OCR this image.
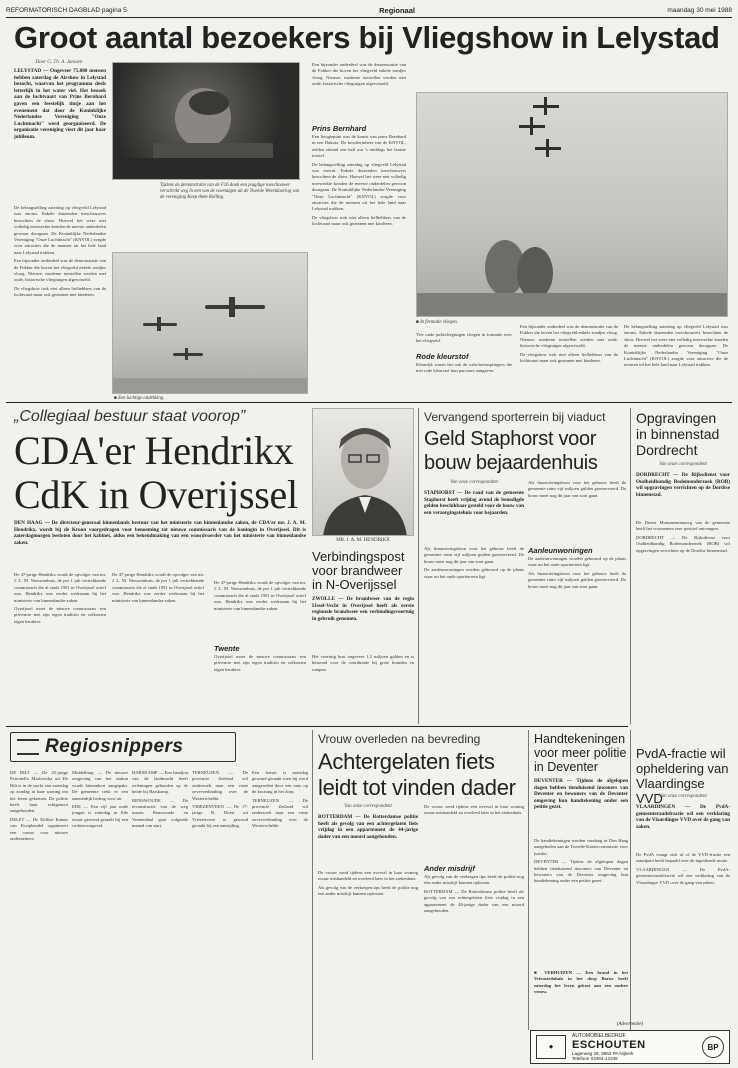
REFORMATORISCH DAGBLAD pagina 5	Regionaal	maandag 30 mei 1988
Groot aantal bezoekers bij Vliegshow in Lelystad
Door G. Th. A. Janssen
LELYSTAD — Ongeveer 75.000 mensen hebben zaterdag de Airshow in Lelystad bezocht, waarvan het programma deels letterlijk in het water viel. Het bezoek aan de luchtvaart van Prins Bernhard gaven een feestelijk tintje aan het evenement dat door de Koninklijke Nederlandse Vereniging "Onze Luchtmacht" werd georganiseerd. De organisatie vereniging viert dit jaar haar jubileum.

De belangstelling zaterdag op vliegveld Lelystad was enorm. Enkele duizenden toeschouwers bezochten de show. Hoewel het weer niet volledig meewerkte konden de meeste onderdelen gewoon doorgaan. De Koninklijke Nederlandse Vereniging "Onze Luchtmacht" (KNVOL) zorgde voor attracties die de mensen uit het hele land naar Lelystad trokken.

Een bijzonder onderdeel was de demonstratie van de Fokker die boven het vliegveld enkele rondjes vloog. Nieuwe, moderne toestellen werden met oude, historische vliegtuigen afgewisseld.

De vliegshow trok niet alleen liefhebbers van de luchtvaart maar ook gezinnen met kinderen.

Tijdens de demonstratie van de F16 dook een jeugdige toeschouwer verschrikt weg in een van de voertuigen uit de Tweede Wereldoorlog van de vereniging Keep them Rolling.
■ Een luchtige ondekking.

Een bijzonder onderdeel was de demonstratie van de Fokker die boven het vliegveld enkele rondjes vloog. Nieuwe, moderne toestellen werden met oude, historische vliegtuigen afgewisseld.

Prins Bernhard

Een hoogtepunt was de komst van prins Bernhard in een Dakota. De beschermheer van de KNVOL, zelden zittend een half uur 's middags het laatste toestel.

De belangstelling zaterdag op vliegveld Lelystad was enorm. Enkele duizenden toeschouwers bezochten de show. Hoewel het weer niet volledig meewerkte konden de meeste onderdelen gewoon doorgaan. De Koninklijke Nederlandse Vereniging "Onze Luchtmacht" (KNVOL) zorgde voor attracties die de mensen uit het hele land naar Lelystad trokken.

De vliegshow trok niet alleen liefhebbers van de luchtvaart maar ook gezinnen met kinderen.

■ In formatie vliegen.

Vier oude jachtvliegtuigen vliegen in formatie over het vliegveld.

Rode kleurstof

Kleurrijk waren het ook de valschermspringers die met rode kleurstof hun parcours aangaven.

Een bijzonder onderdeel was de demonstratie van de Fokker die boven het vliegveld enkele rondjes vloog. Nieuwe, moderne toestellen werden met oude, historische vliegtuigen afgewisseld.

De vliegshow trok niet alleen liefhebbers van de luchtvaart maar ook gezinnen met kinderen.

De belangstelling zaterdag op vliegveld Lelystad was enorm. Enkele duizenden toeschouwers bezochten de show. Hoewel het weer niet volledig meewerkte konden de meeste onderdelen gewoon doorgaan. De Koninklijke Nederlandse Vereniging "Onze Luchtmacht" (KNVOL) zorgde voor attracties die de mensen uit het hele land naar Lelystad trokken.

„Collegiaal bestuur staat voorop”
CDA'er Hendrikx
CdK in Overijssel
DEN HAAG — De directeur-generaal binnenlands bestuur van het ministerie van binnenlandse zaken, de CDA'er mr. J. A. M. Hendrikx, wordt bij de Kroon voorgedragen voor benoeming tot nieuwe commissaris van de koningin in Overijssel. Dit is zaterdagmorgen besloten door het kabinet, aldus een bekendmaking van een woordvoerder van het ministerie van binnenlandse zaken.

De 47-jarige Hendrikx wordt de opvolger van mr. J. L. M. Nieuwenhuis, de per 1 juli vertrekkende commissaris die al sinds 1981 in Overijssel actief was. Hendrikx was eerder werkzaam bij het ministerie van binnenlandse zaken.

Overijssel moet de nieuwe commissaris een provincie met zijn eigen tradities en volkomen eigen karakter.

De 47-jarige Hendrikx wordt de opvolger van mr. J. L. M. Nieuwenhuis, de per 1 juli vertrekkende commissaris die al sinds 1981 in Overijssel actief was. Hendrikx was eerder werkzaam bij het ministerie van binnenlandse zaken.

De 47-jarige Hendrikx wordt de opvolger van mr. J. L. M. Nieuwenhuis, de per 1 juli vertrekkende commissaris die al sinds 1981 in Overijssel actief was. Hendrikx was eerder werkzaam bij het ministerie van binnenlandse zaken.

Twente

Overijssel moet de nieuwe commissaris een provincie met zijn eigen tradities en volkomen eigen karakter.

MR. J. A. M. HENDRIKX
Verbindingspost
voor brandweer
in N-Overijssel
ZWOLLE — De brandweer van de regio IJssel-Vecht in Overijssel heeft als eerste regionale brandweer een verbindingsvoertuig in gebruik genomen.

Het voertuig kost ongeveer 1,2 miljoen gulden en is bestemd voor de coördinatie bij grote branden en rampen.

Vervangend sporterrein bij viaduct
Geld Staphorst voor
bouw bejaardenhuis
Van onze correspondent
STAPHORST — De raad van de gemeente Staphorst heeft vrijdag avond de benodigde gelden beschikbaar gesteld voor de bouw van een verzorgingstehuis voor bejaarden.

Als financieringsbron voor het gebouw heeft de gemeente ruim vijf miljoen gulden gereserveerd. De bouw moet nog dit jaar van start gaan.

De aanleunwoningen worden gebouwd op de plaats waar nu het oude sportterrein ligt.

Als financieringsbron voor het gebouw heeft de gemeente ruim vijf miljoen gulden gereserveerd. De bouw moet nog dit jaar van start gaan.

Aanleunwoningen

De aanleunwoningen worden gebouwd op de plaats waar nu het oude sportterrein ligt.

Als financieringsbron voor het gebouw heeft de gemeente ruim vijf miljoen gulden gereserveerd. De bouw moet nog dit jaar van start gaan.

Opgravingen
in binnenstad
Dordrecht
Van onze correspondent
DORDRECHT — De Rijksdienst voor Oudheidkundig Bodemonderzoek (ROB) wil opgravingen verrichten op de Dordtse binnenstad.

De Dienst Monumentenzorg van de gemeente heeft het voornemen zeer positief ontvangen.

DORDRECHT — De Rijksdienst voor Oudheidkundig Bodemonderzoek (ROB) wil opgravingen verrichten op de Dordtse binnenstad.

Regiosnippers

DE BILT — De 45-jarige Petronella Maslowska uit De Bilt is in de nacht van zaterdag op zondag in haar woning om het leven gekomen. De politie heeft haar echtgenoot aangehouden.

DELFT — De Delftse Kamer van Koophandel organiseert een cursus voor nieuwe ondernemers.

Middelburg — De nieuwe omgeving van het station wordt binnenkort aangepakt. De gemeente trekt er een aanzienlijk bedrag voor uit.

EDE — Een vijf jaar oude jongen is zaterdag in Ede zwaar gewond geraakt bij een verkeersongeval.

HARSKAMP — Een bataljon van de landmacht heeft oefeningen gehouden op de heide bij Harskamp.

RENSWOUDE — De reconstructie van de weg tussen Renswoude en Veenendaal gaat volgende maand van start.

TERNEUZEN — De provincie Zeeland wil onderzoek naar een vaste oeververbinding over de Westerschelde.

VRIEZENVEEN — De 17-jarige B. Doest uit Vriezenveen is gewond geraakt bij een aanrijding.

Een fietser is zaterdag gewond geraakt toen hij werd aangereden door een auto op de kruising in het dorp.

TERNEUZEN — De provincie Zeeland wil onderzoek naar een vaste oeververbinding over de Westerschelde.

Vrouw overleden na bevreding
Achtergelaten fiets
leidt tot vinden dader
Van onze correspondent
ROTTERDAM — De Rotterdamse politie heeft als gevolg van een achtergelaten fiets vrijdag in een appartement de 44-jarige dader van een moord aangehouden.

De vrouw werd tijdens een overval in haar woning zwaar mishandeld en overleed later in het ziekenhuis.

Als gevolg van de verkregen tips heeft de politie nog een ander misdrijf kunnen oplossen.

De vrouw werd tijdens een overval in haar woning zwaar mishandeld en overleed later in het ziekenhuis.

Ander misdrijf

Als gevolg van de verkregen tips heeft de politie nog een ander misdrijf kunnen oplossen.

ROTTERDAM — De Rotterdamse politie heeft als gevolg van een achtergelaten fiets vrijdag in een appartement de 44-jarige dader van een moord aangehouden.

Handtekeningen
voor meer politie
in Deventer
DEVENTER — Tijdens de afgelopen dagen hebben tienduizend inwoners van Deventer en bewoners van de Deventer omgeving hun handtekening onder een petitie gezet.

De handtekeningen werden vandaag in Den Haag aangeboden aan de Tweede-Kamercommissie voor justitie.

DEVENTER — Tijdens de afgelopen dagen hebben tienduizend inwoners van Deventer en bewoners van de Deventer omgeving hun handtekening onder een petitie gezet.

■ VERHUIZEN — Een brand in het Vrienstedahuis in het dorp Borne heeft zaterdag het leven gekost aan een oudere vrouw.
PvdA-fractie wil
opheldering van
Vlaardingse VVD
Van onze correspondent
VLAARDINGEN — De PvdA-gemeenteraadsfractie wil een verklaring van de Vlaardingse VVD over de gang van zaken.

De PvdA vraagt zich af of de VVD-fractie een standpunt heeft bepaald over de ingediende motie.

VLAARDINGEN — De PvdA-gemeenteraadsfractie wil een verklaring van de Vlaardingse VVD over de gang van zaken.

(Advertentie)
◆
AUTOMOBIELBEDRIJF
ESCHOUTEN
Lagerweg 28, 3862 PA Nijkerk
Telefoon 03494-12345
BP
